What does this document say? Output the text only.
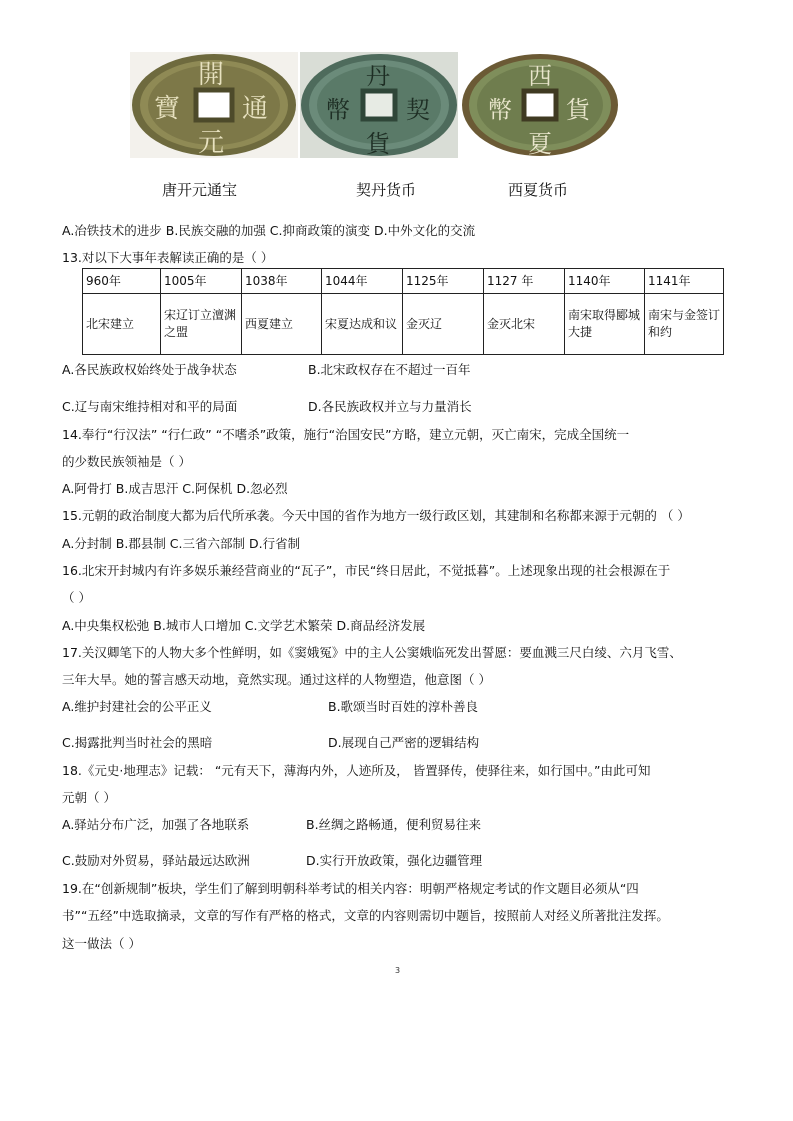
開
元
通
寶
丹
貨
契
幣
西
夏
貨
幣
唐开元通宝	契丹货币	西夏货币
A.冶铁技术的进步 B.民族交融的加强 C.抑商政策的演变 D.中外文化的交流
13.对以下大事年表解读正确的是（ ）
960年	1005年	1038年	1044年	1125年	1127 年	1140年	1141年
北宋建立	宋辽订立澶渊之盟	西夏建立	宋夏达成和议	金灭辽	金灭北宋	南宋取得郾城大捷	南宋与金签订和约
A.各民族政权始终处于战争状态	B.北宋政权存在不超过一百年
C.辽与南宋维持相对和平的局面	D.各民族政权并立与力量消长
14.奉行“行汉法” “行仁政” “不嗜杀”政策，施行“治国安民”方略，建立元朝，灭亡南宋，完成全国统一
的少数民族领袖是（ ）
A.阿骨打 B.成吉思汗 C.阿保机 D.忽必烈
15.元朝的政治制度大都为后代所承袭。今天中国的省作为地方一级行政区划，其建制和名称都来源于元朝的 （ ）
A.分封制 B.郡县制 C.三省六部制 D.行省制
16.北宋开封城内有许多娱乐兼经营商业的“瓦子”，市民“终日居此，不觉抵暮”。上述现象出现的社会根源在于
（ ）
A.中央集权松弛 B.城市人口增加 C.文学艺术繁荣 D.商品经济发展
17.关汉卿笔下的人物大多个性鲜明，如《窦娥冤》中的主人公窦娥临死发出誓愿：要血溅三尺白绫、六月飞雪、
三年大旱。她的誓言感天动地，竟然实现。通过这样的人物塑造，他意图（ ）
A.维护封建社会的公平正义	B.歌颂当时百姓的淳朴善良
C.揭露批判当时社会的黑暗	D.展现自己严密的逻辑结构
18.《元史·地理志》记载： “元有天下，薄海内外，人迹所及， 皆置驿传，使驿往来，如行国中。”由此可知
元朝（ ）
A.驿站分布广泛，加强了各地联系	B.丝绸之路畅通，便利贸易往来
C.鼓励对外贸易，驿站最远达欧洲	D.实行开放政策，强化边疆管理
19.在“创新规制”板块，学生们了解到明朝科举考试的相关内容：明朝严格规定考试的作文题目必须从“四
书”“五经”中选取摘录，文章的写作有严格的格式，文章的内容则需切中题旨，按照前人对经义所著批注发挥。
这一做法（ ）
3
